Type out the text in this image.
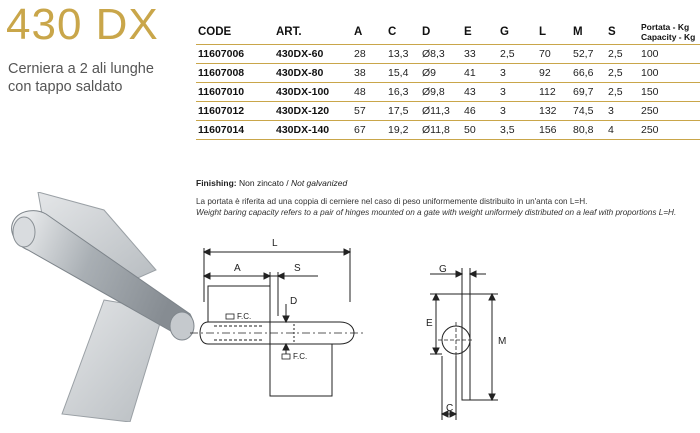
430 DX
Cerniera a 2 ali lunghe
con tappo saldato
CODE	ART.	A	C	D	E	G	L	M	S	Portata - Kg
Capacity - Kg

11607006	430DX-60	28	13,3	Ø8,3	33	2,5	70	52,7	2,5	100
11607008	430DX-80	38	15,4	Ø9	41	3	92	66,6	2,5	100
11607010	430DX-100	48	16,3	Ø9,8	43	3	112	69,7	2,5	150
11607012	430DX-120	57	17,5	Ø11,3	46	3	132	74,5	3	250
11607014	430DX-140	67	19,2	Ø11,8	50	3,5	156	80,8	4	250
Finishing: Non zincato / Not galvanized
La portata è riferita ad una coppia di cerniere nel caso di peso uniformemente distribuito in un'anta con L=H.
Weight baring capacity refers to a pair of hinges mounted on a gate with weight uniformely distributed on a leaf with proportions L=H.
L
A	S
D
F.C.
F.C.
G
E
M
C
